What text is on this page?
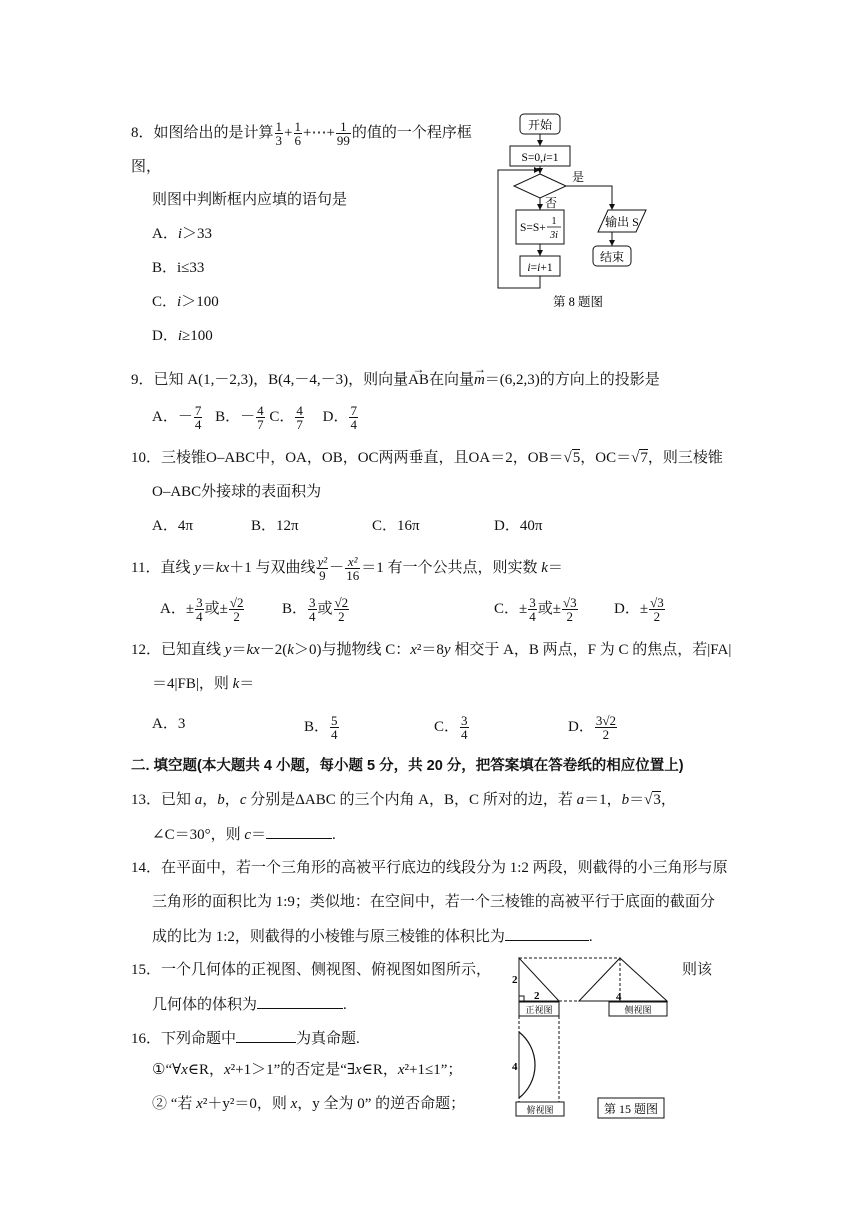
8．如图给出的是计算 $\frac{1}{3} + \frac{1}{6}$ +⋯+ $\frac{1}{99}$ 的值的一个程序框
图，
则图中判断框内应填的语句是
A．i＞33
B．i≤33
C．i＞100
D．i≥100
开始
S=0,i=1
是
否
S=S+
1
3i
输出 S
i=i+1
结束
第 8 题图
9．已知 A(1,－2,3)，B(4,－4,－3)，则向量→ AB在向量→ m＝(6,2,3)的方向上的投影是
A．－ $\frac{7}{4}$ B．－ $\frac{4}{7}$ C． $\frac{4}{7}$ D． $\frac{7}{4}$
10．三棱锥O–ABC中，OA，OB，OC两两垂直，且OA＝2，OB＝√5，OC＝√7，则三棱锥
O–ABC外接球的表面积为
A．4π	B．12π	C．16π	D．40π
11．直线 y＝kx＋1 与双曲线 $\frac{\text{y²}}{9} - \frac{\text{x²}}{16} =1$ 有一个公共点，则实数 k＝
A．± $\frac{3}{4}$ 或± $\frac{√2}{2}$	B． $\frac{3}{4}$ 或 $\frac{√2}{2}$	C．± $\frac{3}{4}$ 或± $\frac{√3}{2}$ D．± $\frac{√3}{2}$
12．已知直线 y＝kx－2(k＞0)与抛物线 C：x²＝8y 相交于 A，B 两点，F 为 C 的焦点，若|FA|
＝4|FB|，则 k＝
A．3	B． $\frac{5}{4}$	C． $\frac{3}{4}$	D． $\frac{3√2}{2}$
二. 填空题(本大题共 4 小题，每小题 5 分，共 20 分，把答案填在答卷纸的相应位置上)
13．已知 a，b，c 分别是ΔABC 的三个内角 A，B，C 所对的边，若 a＝1，b＝√3，
∠C＝30°，则 c＝	.
14．在平面中，若一个三角形的高被平行底边的线段分为 1:2 两段，则截得的小三角形与原
三角形的面积比为 1:9；类似地：在空间中，若一个三棱锥的高被平行于底面的截面分
成的比为 1:2，则截得的小棱锥与原三棱锥的体积比为	.
15．一个几何体的正视图、侧视图、俯视图如图所示，	则该
几何体的体积为	.
16．下列命题中	为真命题.
①“∀x∈R，x²+1＞1”的否定是“∃x∈R，x²+1≤1”；
② “若 x²＋y²＝0，则 x，y 全为 0” 的逆否命题；
2
2	4
4
正视图	侧视图
俯视图	第 15 题图
